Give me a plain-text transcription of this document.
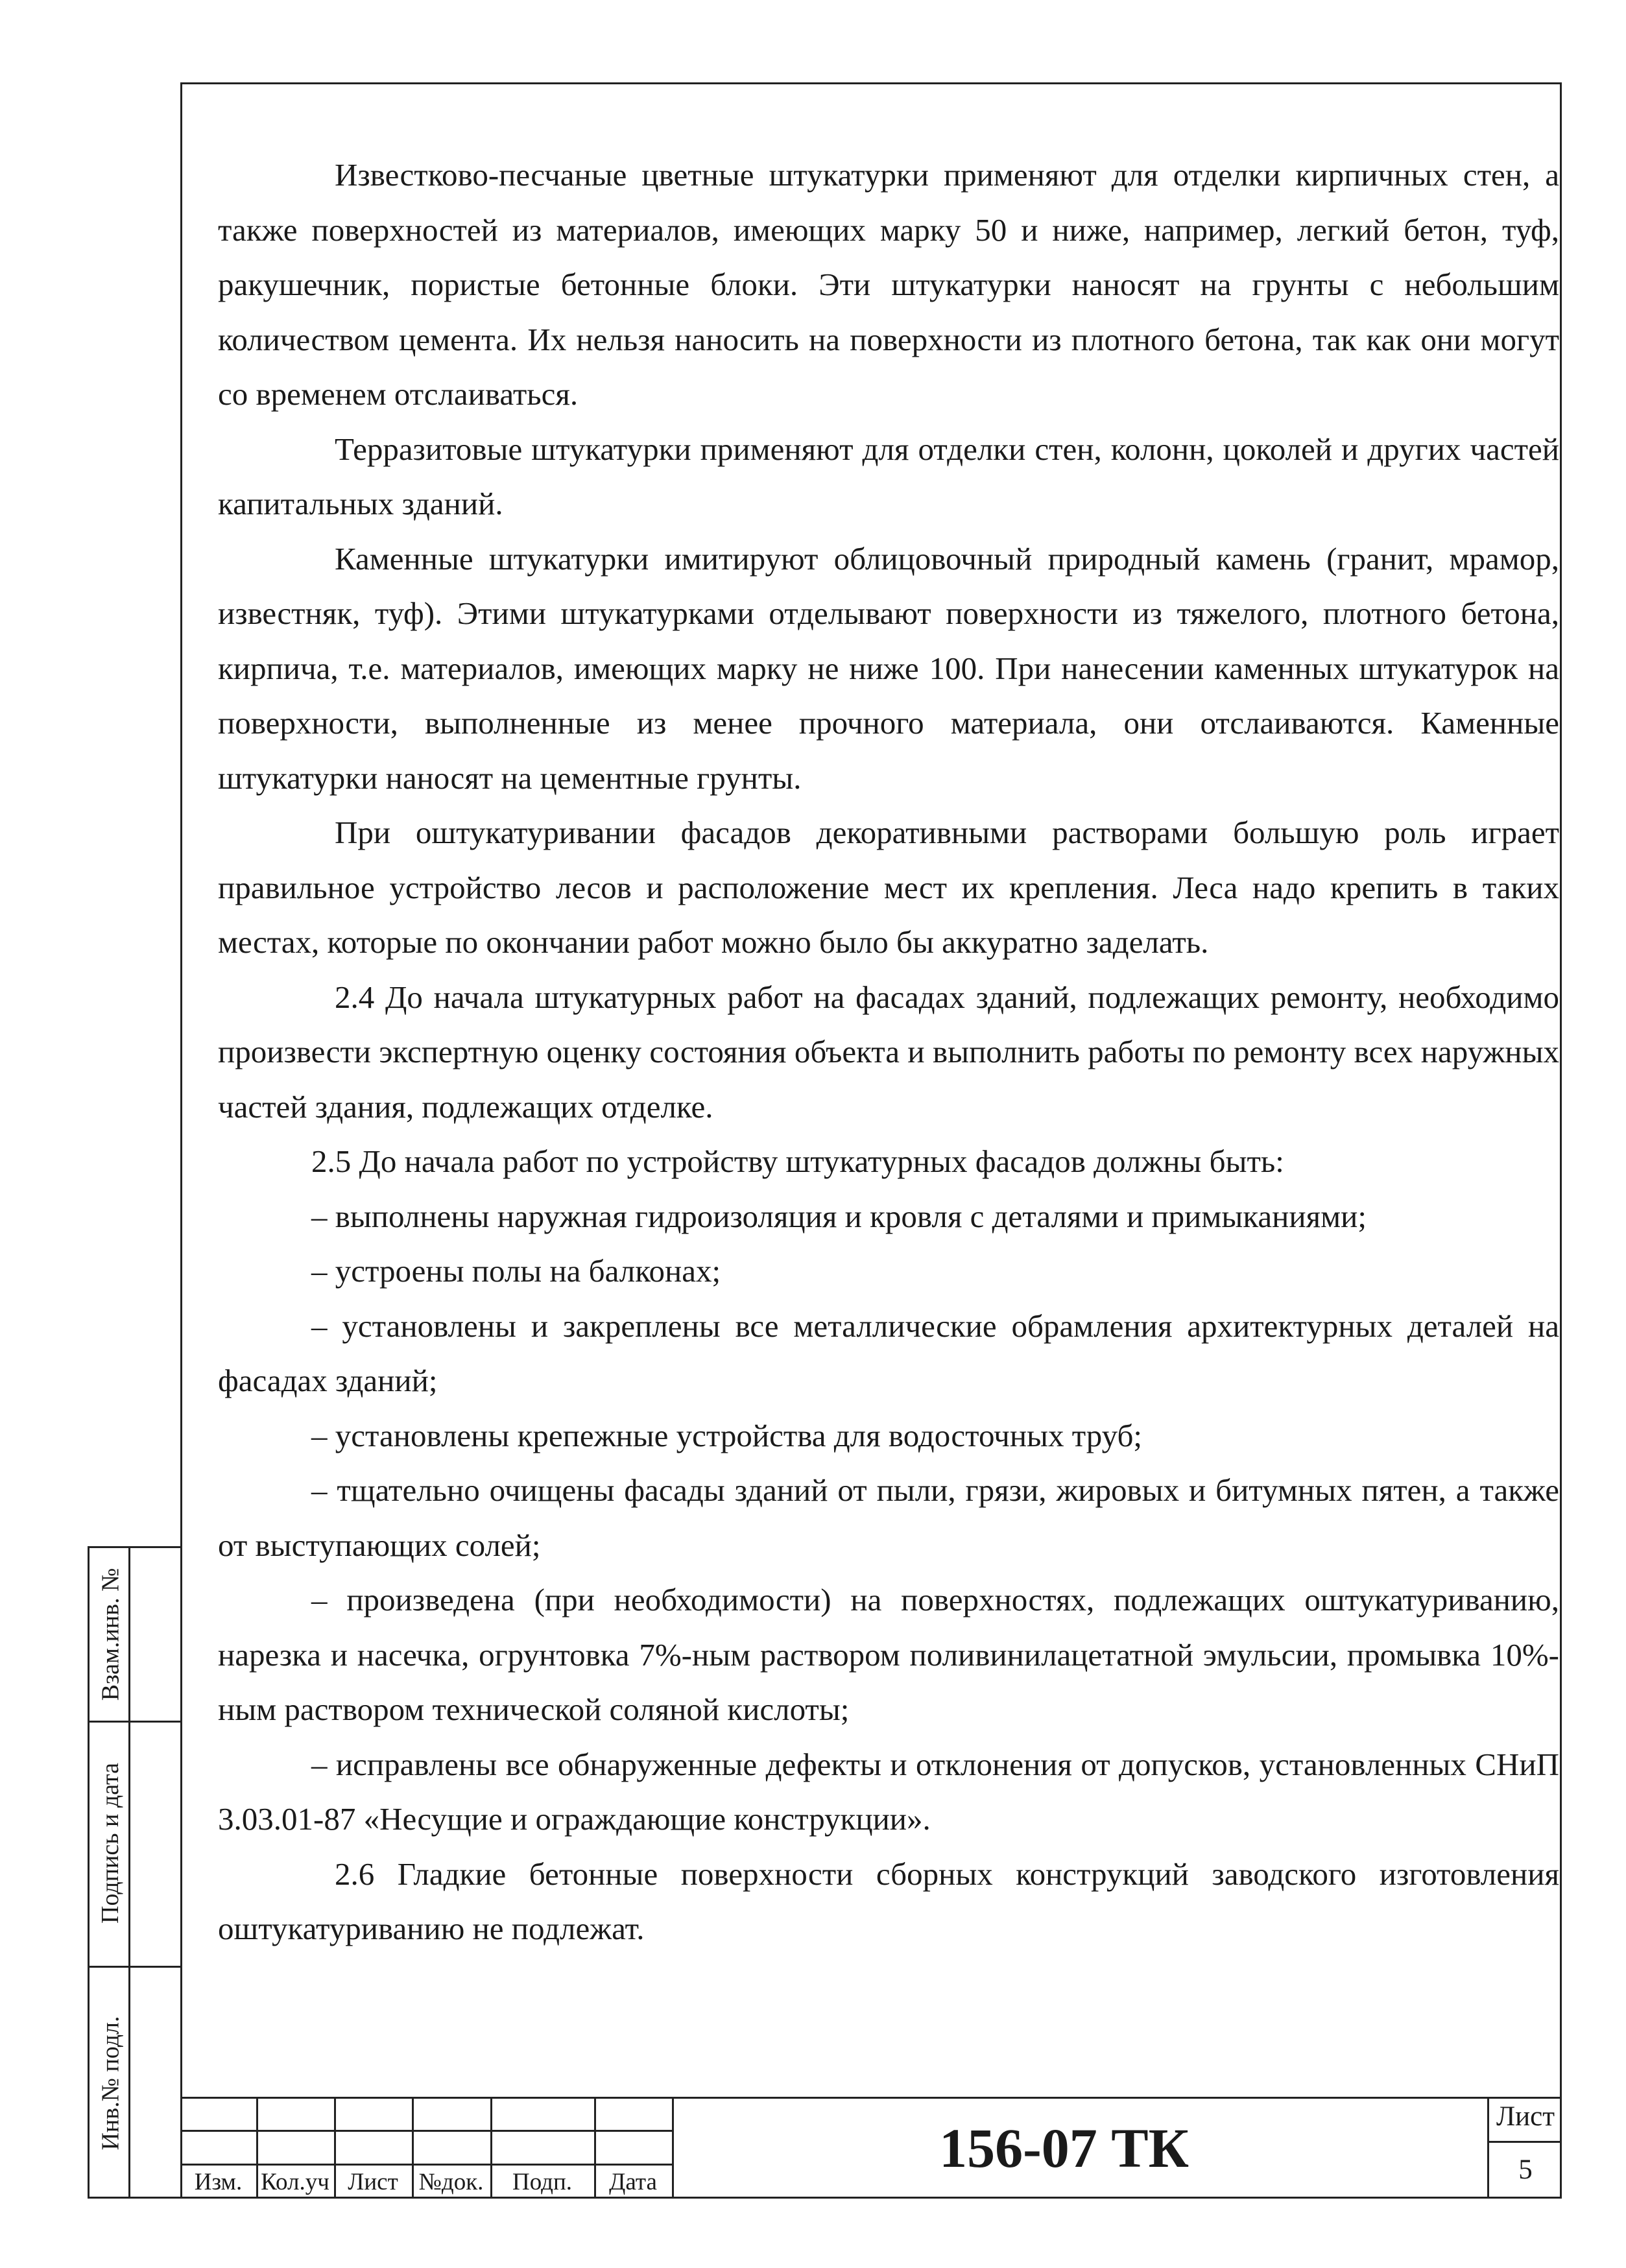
Известково-песчаные цветные штукатурки применяют для отделки кирпичных стен, а также поверхностей из материалов, имеющих марку 50 и ниже, например, легкий бетон, туф, ракушечник, пористые бетонные блоки. Эти штукатурки наносят на грунты с небольшим количеством цемента. Их нельзя наносить на поверхности из плотного бетона, так как они могут со временем отслаиваться.

Терразитовые штукатурки применяют для отделки стен, колонн, цоколей и других частей капитальных зданий.

Каменные штукатурки имитируют облицовочный природный камень (гранит, мрамор, известняк, туф). Этими штукатурками отделывают поверхности из тяжелого, плотного бетона, кирпича, т.е. материалов, имеющих марку не ниже 100. При нанесении каменных штукатурок на поверхности, выполненные из менее прочного материала, они отслаиваются. Каменные штукатурки наносят на цементные грунты.

При оштукатуривании фасадов декоративными растворами большую роль играет правильное устройство лесов и расположение мест их крепления. Леса надо крепить в таких местах, которые по окончании работ можно было бы аккуратно заделать.

2.4 До начала штукатурных работ на фасадах зданий, подлежащих ремонту, необходимо произвести экспертную оценку состояния объекта и выполнить работы по ремонту всех наружных частей здания, подлежащих отделке.

2.5 До начала работ по устройству штукатурных фасадов должны быть:

– выполнены наружная гидроизоляция и кровля с деталями и примыканиями;

– устроены полы на балконах;

– установлены и закреплены все металлические обрамления архитектурных деталей на фасадах зданий;

– установлены крепежные устройства для водосточных труб;

– тщательно очищены фасады зданий от пыли, грязи, жировых и битумных пятен, а также от выступающих солей;

– произведена (при необходимости) на поверхностях, подлежащих оштукатуриванию, нарезка и насечка, огрунтовка 7%-ным раствором поливинилацетатной эмульсии, промывка 10%-ным раствором технической соляной кислоты;

– исправлены все обнаруженные дефекты и отклонения от допусков, установленных СНиП 3.03.01-87 «Несущие и ограждающие конструкции».

2.6 Гладкие бетонные поверхности сборных конструкций заводского изготовления оштукатуриванию не подлежат.

Взам.инв. №
Подпись и дата
Инв.№ подл.
Изм. Кол.уч Лист №док.	Подп.	Дата
156-07 ТК	Лист
5
